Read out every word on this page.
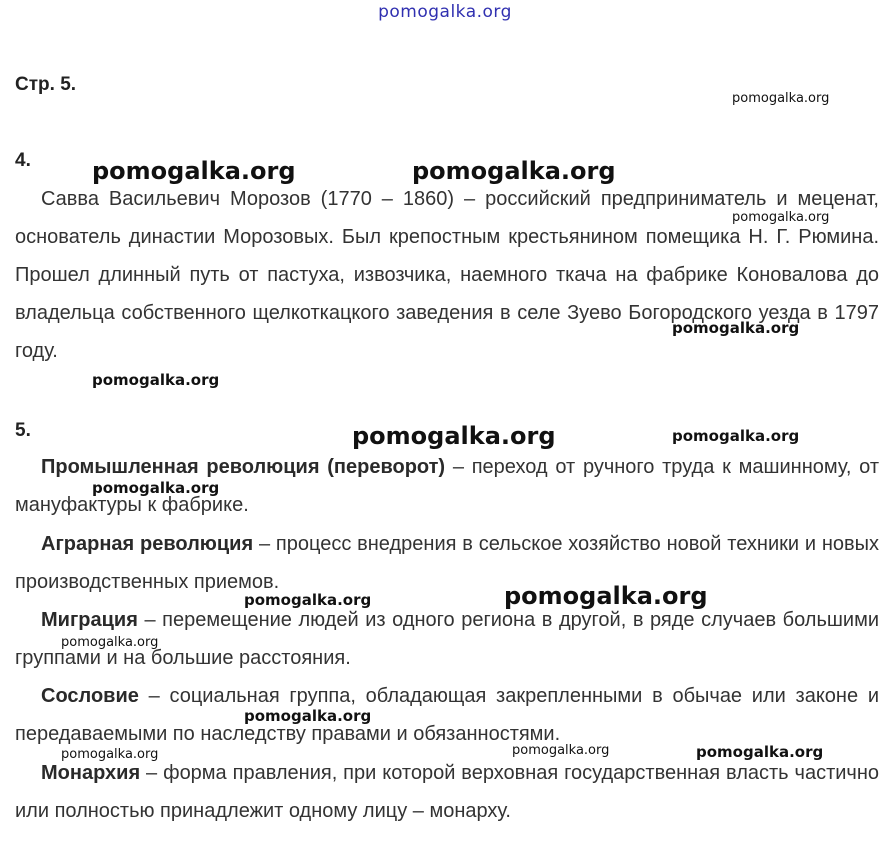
pomogalka.org
Стр. 5.
4.

Савва Васильевич Морозов (1770 – 1860) – российский предприниматель и меценат, основатель династии Морозовых. Был крепостным крестьянином помещика Н. Г. Рюмина. Прошел длинный путь от пастуха, извозчика, наемного ткача на фабрике Коновалова до владельца собственного щелкоткацкого заведения в селе Зуево Богородского уезда в 1797 году.

5.

Промышленная революция (переворот) – переход от ручного труда к машинному, от мануфактуры к фабрике.

Аграрная революция – процесс внедрения в сельское хозяйство новой техники и новых производственных приемов.

Миграция – перемещение людей из одного региона в другой, в ряде случаев большими группами и на большие расстояния.

Сословие – социальная группа, обладающая закрепленными в обычае или законе и передаваемыми по наследству правами и обязанностями.

Монархия – форма правления, при которой верховная государственная власть частично или полностью принадлежит одному лицу – монарху.

pomogalka.org
pomogalka.org	pomogalka.org
pomogalka.org
pomogalka.org
pomogalka.org
pomogalka.org	pomogalka.org
pomogalka.org
pomogalka.org	pomogalka.org
pomogalka.org
pomogalka.org
pomogalka.org	pomogalka.org
pomogalka.org
